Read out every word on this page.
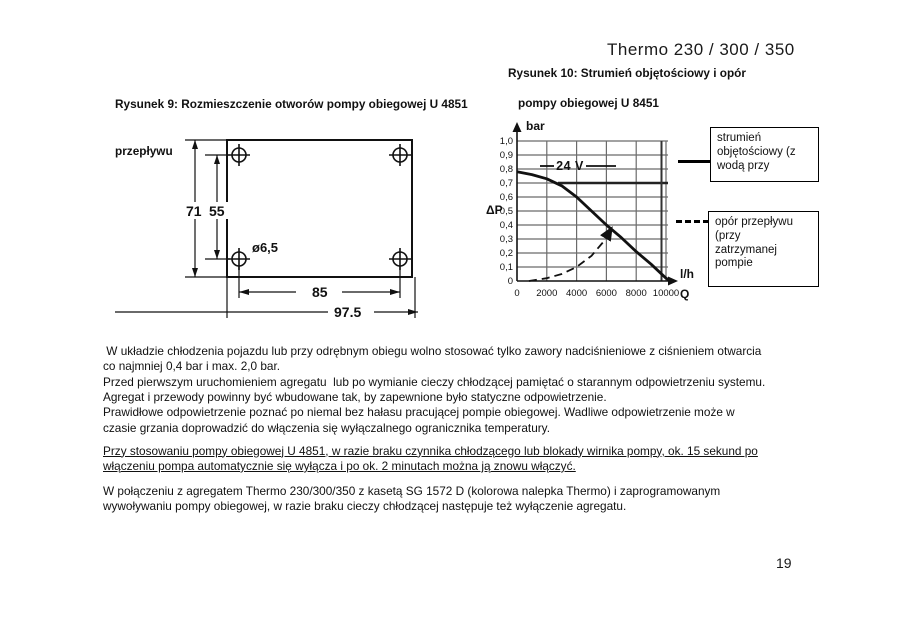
Thermo 230 / 300 / 350

Rysunek 9: Rozmieszczenie otworów pompy obiegowej U 4851

przepływu

Rysunek 10: Strumień objętościowy i opór
pompy obiegowej U 8451
71 55
ø6,5
85
97.5
24 V
bar
ΔP
l/h
Q
0 2000 4000 6000 8000 10000
0
0,1
0,2
0,3
0,4
0,5
0,6
0,7
0,8
0,9
1,0	strumień
objętościowy (z
wodą przy
opór przepływu
(przy
zatrzymanej
pompie
W układzie chłodzenia pojazdu lub przy odrębnym obiegu wolno stosować tylko zawory nadciśnieniowe z ciśnieniem otwarcia
co najmniej 0,4 bar i max. 2,0 bar.
Przed pierwszym uruchomieniem agregatu  lub po wymianie cieczy chłodzącej pamiętać o starannym odpowietrzeniu systemu.
Agregat i przewody powinny być wbudowane tak, by zapewnione było statyczne odpowietrzenie.
Prawidłowe odpowietrzenie poznać po niemal bez hałasu pracującej pompie obiegowej. Wadliwe odpowietrzenie może w
czasie grzania doprowadzić do włączenia się wyłączalnego ogranicznika temperatury.
Przy stosowaniu pompy obiegowej U 4851, w razie braku czynnika chłodzącego lub blokady wirnika pompy, ok. 15 sekund po
włączeniu pompa automatycznie się wyłącza i po ok. 2 minutach można ją znowu włączyć.
W połączeniu z agregatem Thermo 230/300/350 z kasetą SG 1572 D (kolorowa nalepka Thermo) i zaprogramowanym
wywoływaniu pompy obiegowej, w razie braku cieczy chłodzącej następuje też wyłączenie agregatu.
19
